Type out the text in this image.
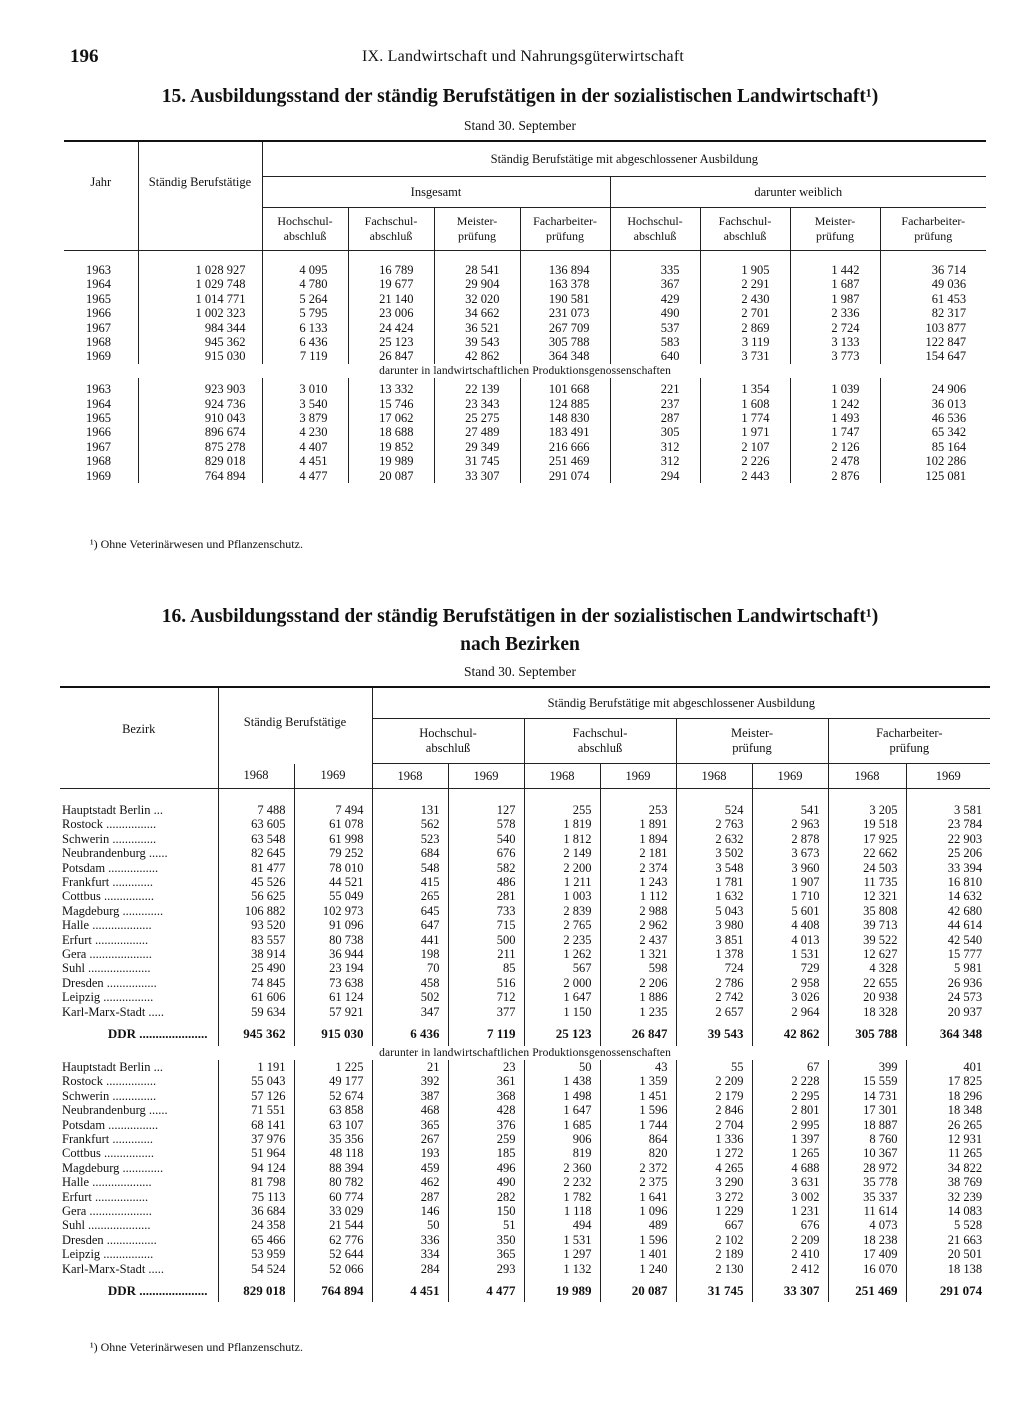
196	IX. Landwirtschaft und Nahrungsgüterwirtschaft
15. Ausbildungsstand der ständig Berufstätigen in der sozialistischen Landwirtschaft¹)
Stand 30. September
Jahr	Ständig Berufstätige	Ständig Berufstätige mit abgeschlossener Ausbildung							
		Insgesamt				darunter weiblich			
		Hochschul-abschluß	Fachschul-abschluß	Meister-prüfung	Facharbeiter-prüfung	Hochschul-abschluß	Fachschul-abschluß	Meister-prüfung	Facharbeiter-prüfung
1963	1 028 927	4 095	16 789	28 541	136 894	335	1 905	1 442	36 714
1964	1 029 748	4 780	19 677	29 904	163 378	367	2 291	1 687	49 036
1965	1 014 771	5 264	21 140	32 020	190 581	429	2 430	1 987	61 453
1966	1 002 323	5 795	23 006	34 662	231 073	490	2 701	2 336	82 317
1967	984 344	6 133	24 424	36 521	267 709	537	2 869	2 724	103 877
1968	945 362	6 436	25 123	39 543	305 788	583	3 119	3 133	122 847
1969	915 030	7 119	26 847	42 862	364 348	640	3 731	3 773	154 647
darunter in landwirtschaftlichen Produktionsgenossenschaften									
1963	923 903	3 010	13 332	22 139	101 668	221	1 354	1 039	24 906
1964	924 736	3 540	15 746	23 343	124 885	237	1 608	1 242	36 013
1965	910 043	3 879	17 062	25 275	148 830	287	1 774	1 493	46 536
1966	896 674	4 230	18 688	27 489	183 491	305	1 971	1 747	65 342
1967	875 278	4 407	19 852	29 349	216 666	312	2 107	2 126	85 164
1968	829 018	4 451	19 989	31 745	251 469	312	2 226	2 478	102 286
1969	764 894	4 477	20 087	33 307	291 074	294	2 443	2 876	125 081
¹) Ohne Veterinärwesen und Pflanzenschutz.
16. Ausbildungsstand der ständig Berufstätigen in der sozialistischen Landwirtschaft¹)
nach Bezirken
Stand 30. September
Bezirk	Ständig Berufstätige		Ständig Berufstätige mit abgeschlossener Ausbildung							
			Hochschul-abschluß		Fachschul-abschluß		Meister-prüfung		Facharbeiter-prüfung	
	1968	1969	1968	1969	1968	1969	1968	1969	1968	1969
Hauptstadt Berlin ...	7 488	7 494	131	127	255	253	524	541	3 205	3 581
Rostock ................	63 605	61 078	562	578	1 819	1 891	2 763	2 963	19 518	23 784
Schwerin ..............	63 548	61 998	523	540	1 812	1 894	2 632	2 878	17 925	22 903
Neubrandenburg ......	82 645	79 252	684	676	2 149	2 181	3 502	3 673	22 662	25 206
Potsdam ................	81 477	78 010	548	582	2 200	2 374	3 548	3 960	24 503	33 394
Frankfurt .............	45 526	44 521	415	486	1 211	1 243	1 781	1 907	11 735	16 810
Cottbus ................	56 625	55 049	265	281	1 003	1 112	1 632	1 710	12 321	14 632
Magdeburg .............	106 882	102 973	645	733	2 839	2 988	5 043	5 601	35 808	42 680
Halle ...................	93 520	91 096	647	715	2 765	2 962	3 980	4 408	39 713	44 614
Erfurt .................	83 557	80 738	441	500	2 235	2 437	3 851	4 013	39 522	42 540
Gera ....................	38 914	36 944	198	211	1 262	1 321	1 378	1 531	12 627	15 777
Suhl ....................	25 490	23 194	70	85	567	598	724	729	4 328	5 981
Dresden ................	74 845	73 638	458	516	2 000	2 206	2 786	2 958	22 655	26 936
Leipzig ................	61 606	61 124	502	712	1 647	1 886	2 742	3 026	20 938	24 573
Karl-Marx-Stadt .....	59 634	57 921	347	377	1 150	1 235	2 657	2 964	18 328	20 937
DDR .....................	945 362	915 030	6 436	7 119	25 123	26 847	39 543	42 862	305 788	364 348
darunter in landwirtschaftlichen Produktionsgenossenschaften										
Hauptstadt Berlin ...	1 191	1 225	21	23	50	43	55	67	399	401
Rostock ................	55 043	49 177	392	361	1 438	1 359	2 209	2 228	15 559	17 825
Schwerin ..............	57 126	52 674	387	368	1 498	1 451	2 179	2 295	14 731	18 296
Neubrandenburg ......	71 551	63 858	468	428	1 647	1 596	2 846	2 801	17 301	18 348
Potsdam ................	68 141	63 107	365	376	1 685	1 744	2 704	2 995	18 887	26 265
Frankfurt .............	37 976	35 356	267	259	906	864	1 336	1 397	8 760	12 931
Cottbus ................	51 964	48 118	193	185	819	820	1 272	1 265	10 367	11 265
Magdeburg .............	94 124	88 394	459	496	2 360	2 372	4 265	4 688	28 972	34 822
Halle ...................	81 798	80 782	462	490	2 232	2 375	3 290	3 631	35 778	38 769
Erfurt .................	75 113	60 774	287	282	1 782	1 641	3 272	3 002	35 337	32 239
Gera ....................	36 684	33 029	146	150	1 118	1 096	1 229	1 231	11 614	14 083
Suhl ....................	24 358	21 544	50	51	494	489	667	676	4 073	5 528
Dresden ................	65 466	62 776	336	350	1 531	1 596	2 102	2 209	18 238	21 663
Leipzig ................	53 959	52 644	334	365	1 297	1 401	2 189	2 410	17 409	20 501
Karl-Marx-Stadt .....	54 524	52 066	284	293	1 132	1 240	2 130	2 412	16 070	18 138
DDR .....................	829 018	764 894	4 451	4 477	19 989	20 087	31 745	33 307	251 469	291 074
¹) Ohne Veterinärwesen und Pflanzenschutz.
